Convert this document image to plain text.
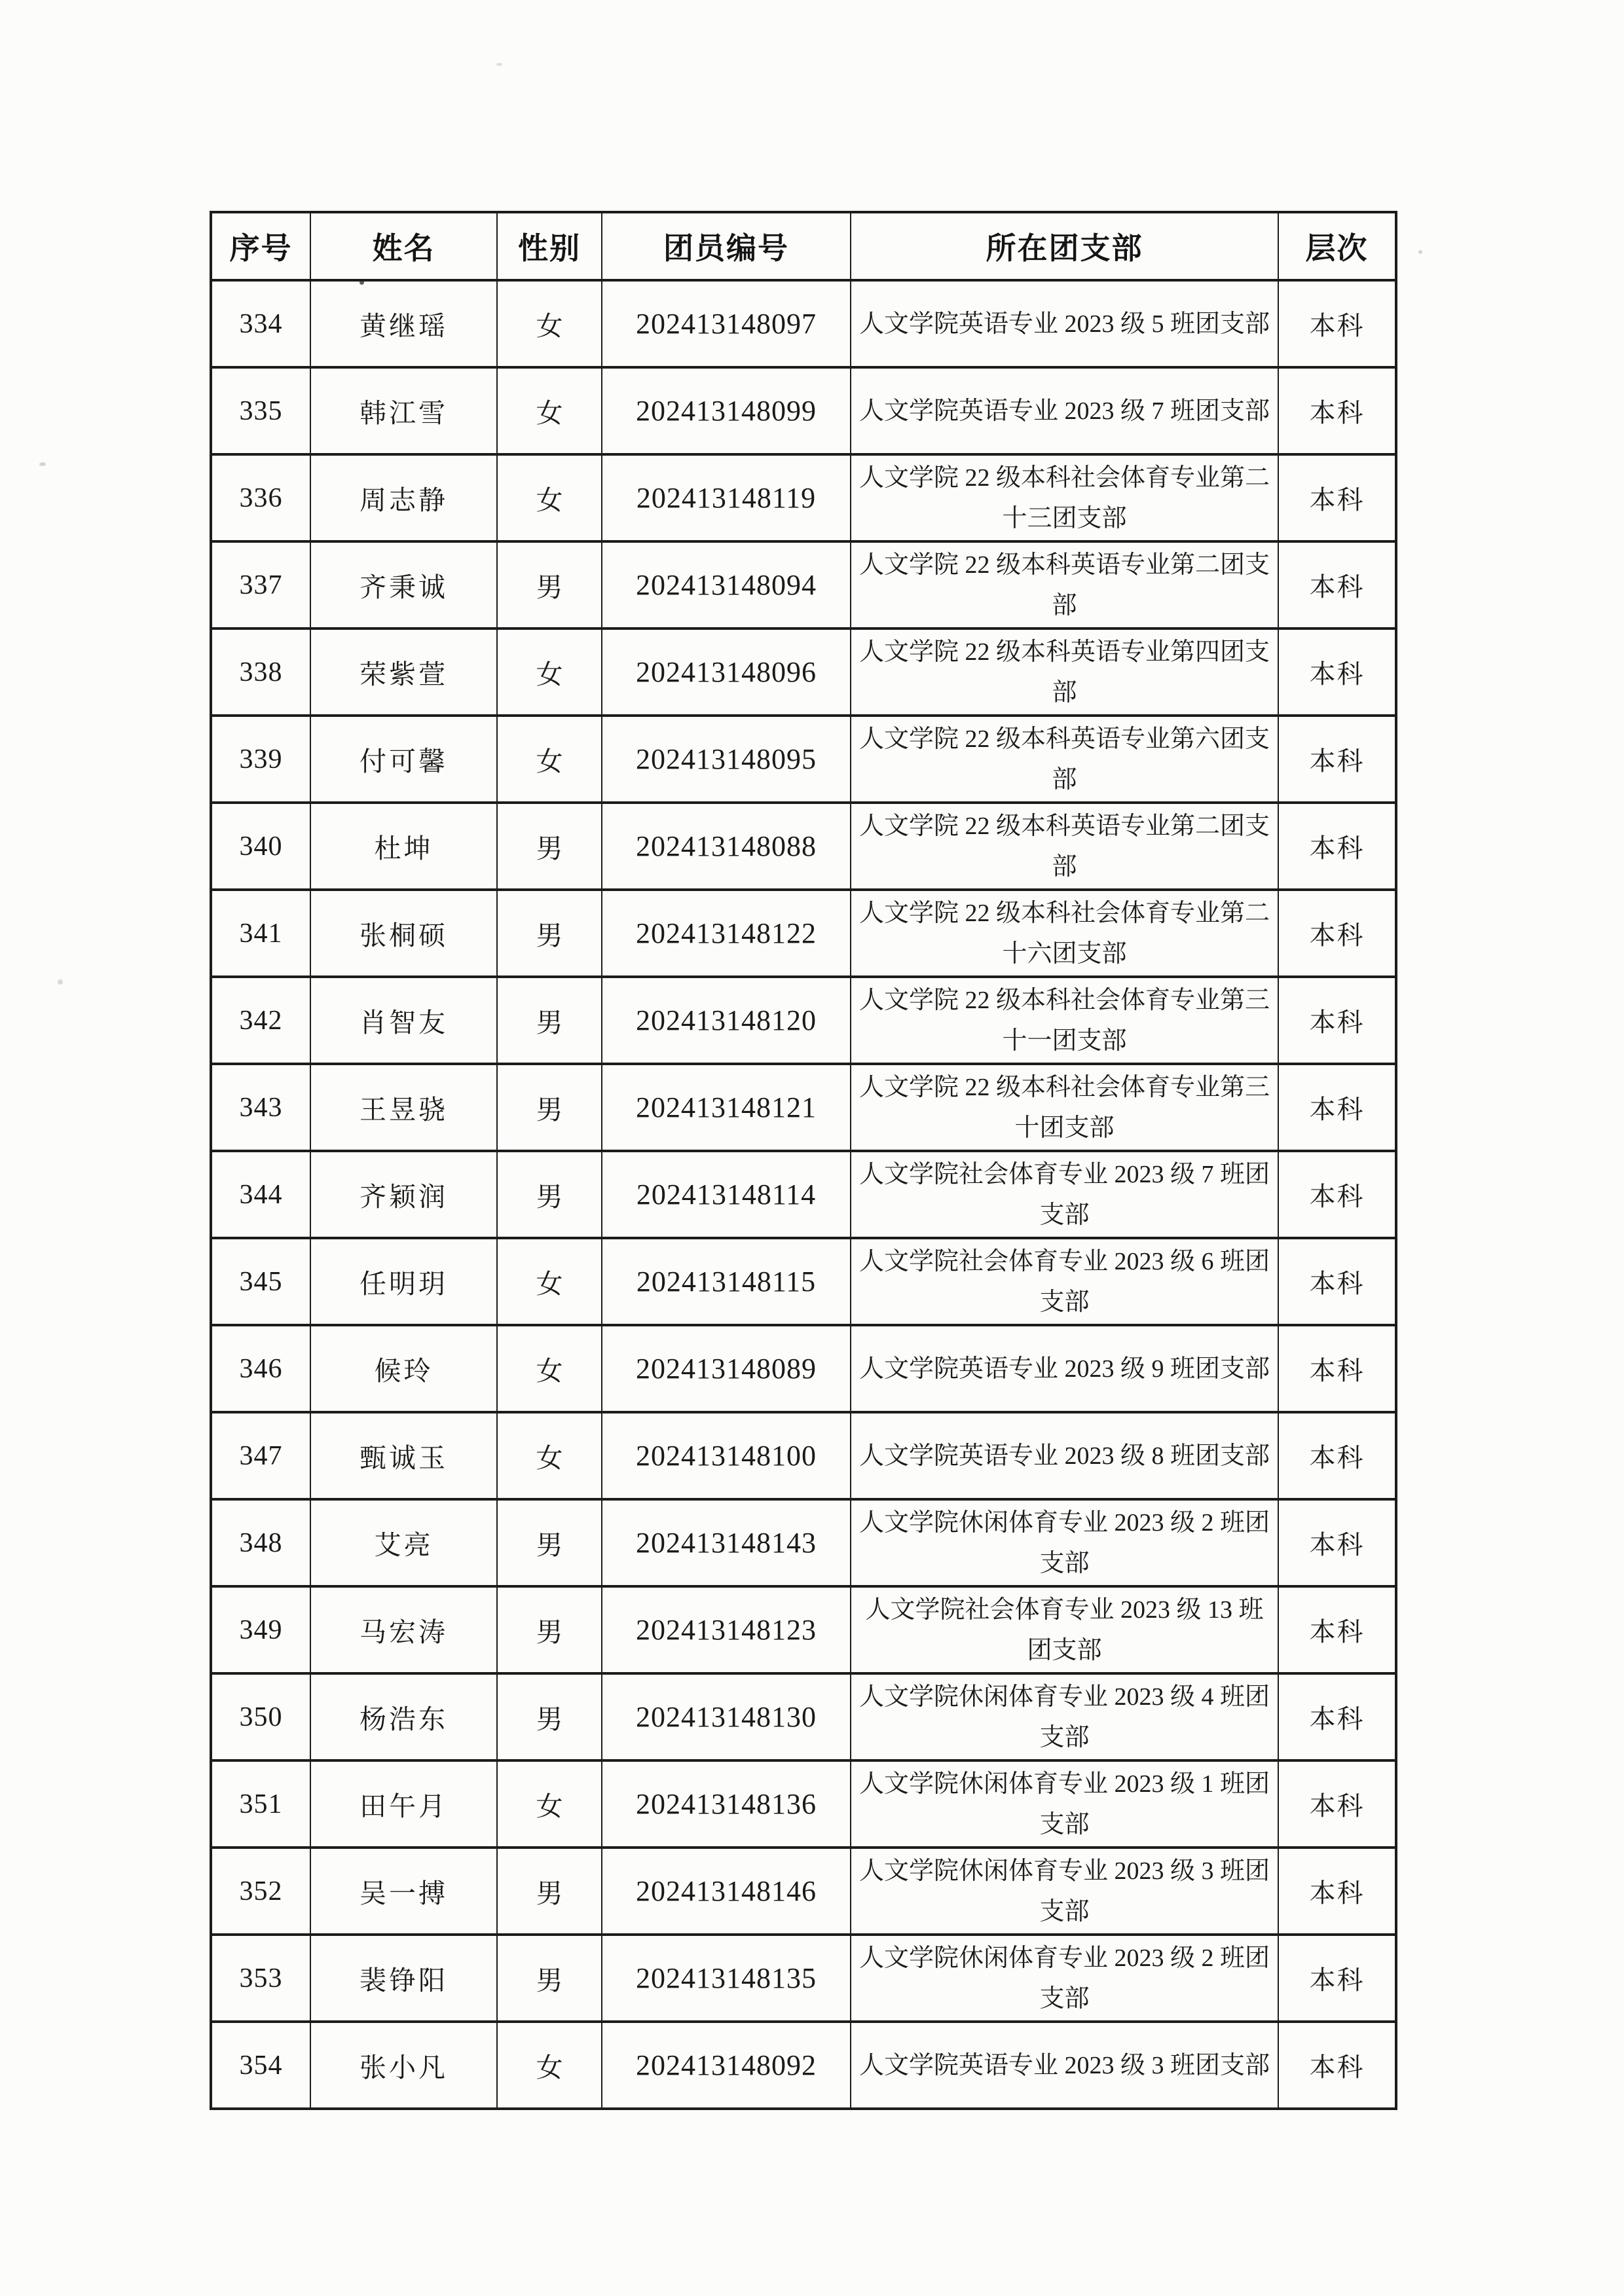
序号	姓名	性别	团员编号	所在团支部	层次
334	黄继瑶	女	202413148097	人文学院英语专业 2023 级 5 班团支部	本科
335	韩江雪	女	202413148099	人文学院英语专业 2023 级 7 班团支部	本科
336	周志静	女	202413148119	人文学院 22 级本科社会体育专业第二十三团支部	本科
337	齐秉诚	男	202413148094	人文学院 22 级本科英语专业第二团支部	本科
338	荣紫萱	女	202413148096	人文学院 22 级本科英语专业第四团支部	本科
339	付可馨	女	202413148095	人文学院 22 级本科英语专业第六团支部	本科
340	杜坤	男	202413148088	人文学院 22 级本科英语专业第二团支部	本科
341	张桐硕	男	202413148122	人文学院 22 级本科社会体育专业第二十六团支部	本科
342	肖智友	男	202413148120	人文学院 22 级本科社会体育专业第三十一团支部	本科
343	王昱骁	男	202413148121	人文学院 22 级本科社会体育专业第三十团支部	本科
344	齐颖润	男	202413148114	人文学院社会体育专业 2023 级 7 班团支部	本科
345	任明玥	女	202413148115	人文学院社会体育专业 2023 级 6 班团支部	本科
346	候玲	女	202413148089	人文学院英语专业 2023 级 9 班团支部	本科
347	甄诚玉	女	202413148100	人文学院英语专业 2023 级 8 班团支部	本科
348	艾亮	男	202413148143	人文学院休闲体育专业 2023 级 2 班团支部	本科
349	马宏涛	男	202413148123	人文学院社会体育专业 2023 级 13 班团支部	本科
350	杨浩东	男	202413148130	人文学院休闲体育专业 2023 级 4 班团支部	本科
351	田午月	女	202413148136	人文学院休闲体育专业 2023 级 1 班团支部	本科
352	吴一搏	男	202413148146	人文学院休闲体育专业 2023 级 3 班团支部	本科
353	裴铮阳	男	202413148135	人文学院休闲体育专业 2023 级 2 班团支部	本科
354	张小凡	女	202413148092	人文学院英语专业 2023 级 3 班团支部	本科
